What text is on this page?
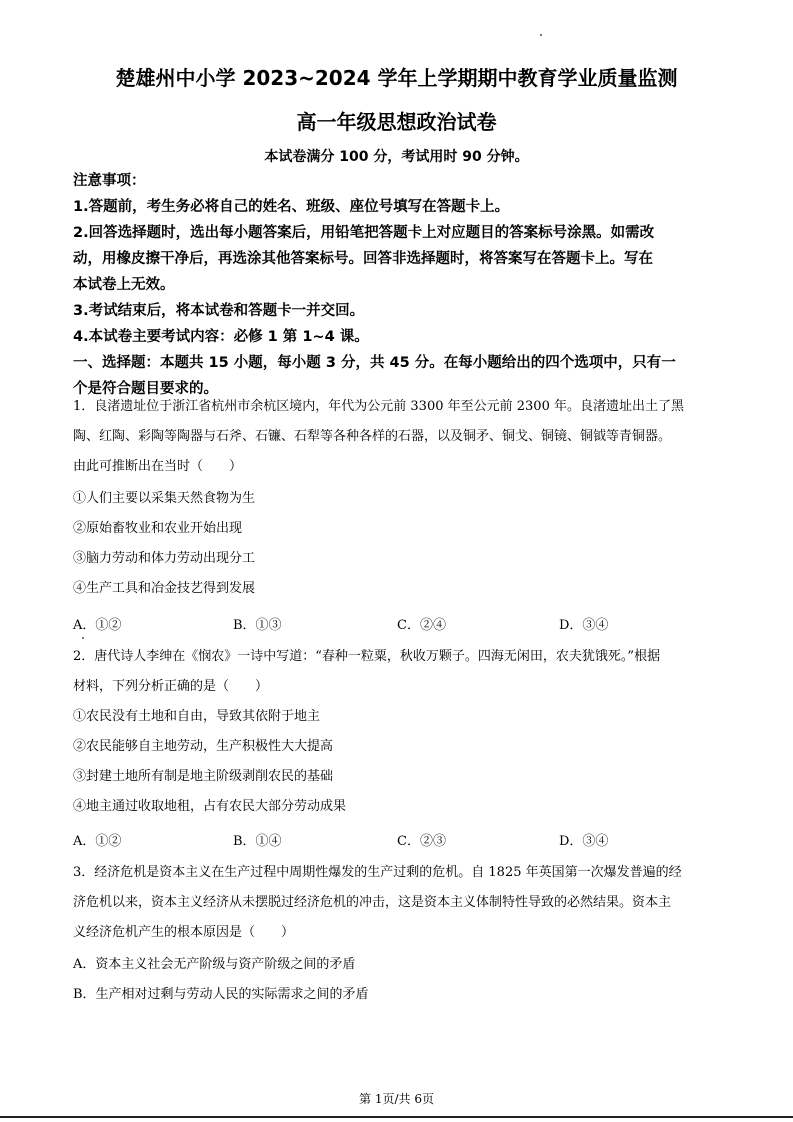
楚雄州中小学 2023~2024 学年上学期期中教育学业质量监测
高一年级思想政治试卷
本试卷满分 100 分，考试用时 90 分钟。
注意事项：
1.答题前，考生务必将自己的姓名、班级、座位号填写在答题卡上。
2.回答选择题时，选出每小题答案后，用铅笔把答题卡上对应题目的答案标号涂黑。如需改
动，用橡皮擦干净后，再选涂其他答案标号。回答非选择题时，将答案写在答题卡上。写在
本试卷上无效。
3.考试结束后，将本试卷和答题卡一并交回。
4.本试卷主要考试内容：必修 1 第 1~4 课。
一、选择题：本题共 15 小题，每小题 3 分，共 45 分。在每小题给出的四个选项中，只有一
个是符合题目要求的。
1．良渚遗址位于浙江省杭州市余杭区境内，年代为公元前 3300 年至公元前 2300 年。良渚遗址出土了黑
陶、红陶、彩陶等陶器与石斧、石镰、石犁等各种各样的石器，以及铜矛、铜戈、铜镜、铜钺等青铜器。
由此可推断出在当时（　　）
①人们主要以采集天然食物为生
②原始畜牧业和农业开始出现
③脑力劳动和体力劳动出现分工
④生产工具和冶金技艺得到发展
A．①②	B．①③	C．②④	D．③④
2．唐代诗人李绅在《悯农》一诗中写道：“春种一粒粟，秋收万颗子。四海无闲田，农夫犹饿死。”根据
材料，下列分析正确的是（　　）
①农民没有土地和自由，导致其依附于地主
②农民能够自主地劳动，生产积极性大大提高
③封建土地所有制是地主阶级剥削农民的基础
④地主通过收取地租，占有农民大部分劳动成果
A．①②	B．①④	C．②③	D．③④
3．经济危机是资本主义在生产过程中周期性爆发的生产过剩的危机。自 1825 年英国第一次爆发普遍的经
济危机以来，资本主义经济从未摆脱过经济危机的冲击，这是资本主义体制特性导致的必然结果。资本主
义经济危机产生的根本原因是（　　）
A．资本主义社会无产阶级与资产阶级之间的矛盾
B．生产相对过剩与劳动人民的实际需求之间的矛盾
第 1页/共 6页
